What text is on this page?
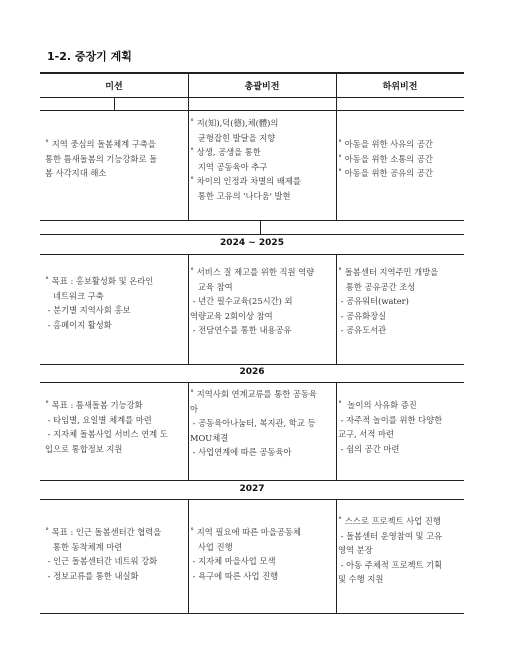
1-2. 중장기 계획
미션	총괄비전	하위비전
˚ 지역 중심의 돌봄체계 구축을
통한 틈새돌봄의 기능강화로 돌
봄 사각지대 해소
˚ 지(知),덕(德),체(體)의
균형잡힌 발달을 지향
˚ 상생, 공생을 통한
지역 공동육아 추구
˚ 차이의 인정과 차별의 배제를
통한 고유의 '나다움' 발현
˚ 아동을 위한 사유의 공간
˚ 아동을 위한 소통의 공간
˚ 아동을 위한 공유의 공간
2024 ~ 2025
˚ 목표 : 홍보활성화 및 온라인
네트워크 구축
- 분기별 지역사회 홍보
- 홈페이지 활성화
˚ 서비스 질 제고를 위한 직원 역량
교육 참여
- 년간 필수교육(25시간) 외
역량교육 2회이상 참여
- 전담연수를 통한 내용공유
˚ 돌봄센터 지역주민 개방을
통한 공유공간 조성
- 공유워터(water)
- 공유화장실
- 공유도서관
2026
˚ 목표 : 틈새돌봄 기능강화
- 타임별, 요일별 체계를 마련
- 지자체 돌봄사업 서비스 연계 도
입으로 통합정보 지원
˚ 지역사회 연계교류를 통한 공동육
아
- 공동육아나눔터, 복지관, 학교 등
MOU체결
- 사업연계에 따른 공동육아
˚  놀이의 사유화 증진
- 자주적 놀이를 위한 다양한
교구, 서적 마련
- 쉼의 공간 마련
2027
˚ 목표 : 인근 돌봄센터간 협력을
통한 동착체계 마련
- 인근 돌봄센터간 네트워 강화
- 정보교류를 통한 내실화
˚ 지역 필요에 따른 마을공동체
사업 진행
- 지자체 마을사업 모색
- 욕구에 따른 사업 진행
˚ 스스로 프로젝트 사업 진행
- 돌봄센터 운영참여 및 고유
영역 분장
- 아동 주체적 프로젝트 기획
및 수행 지원
